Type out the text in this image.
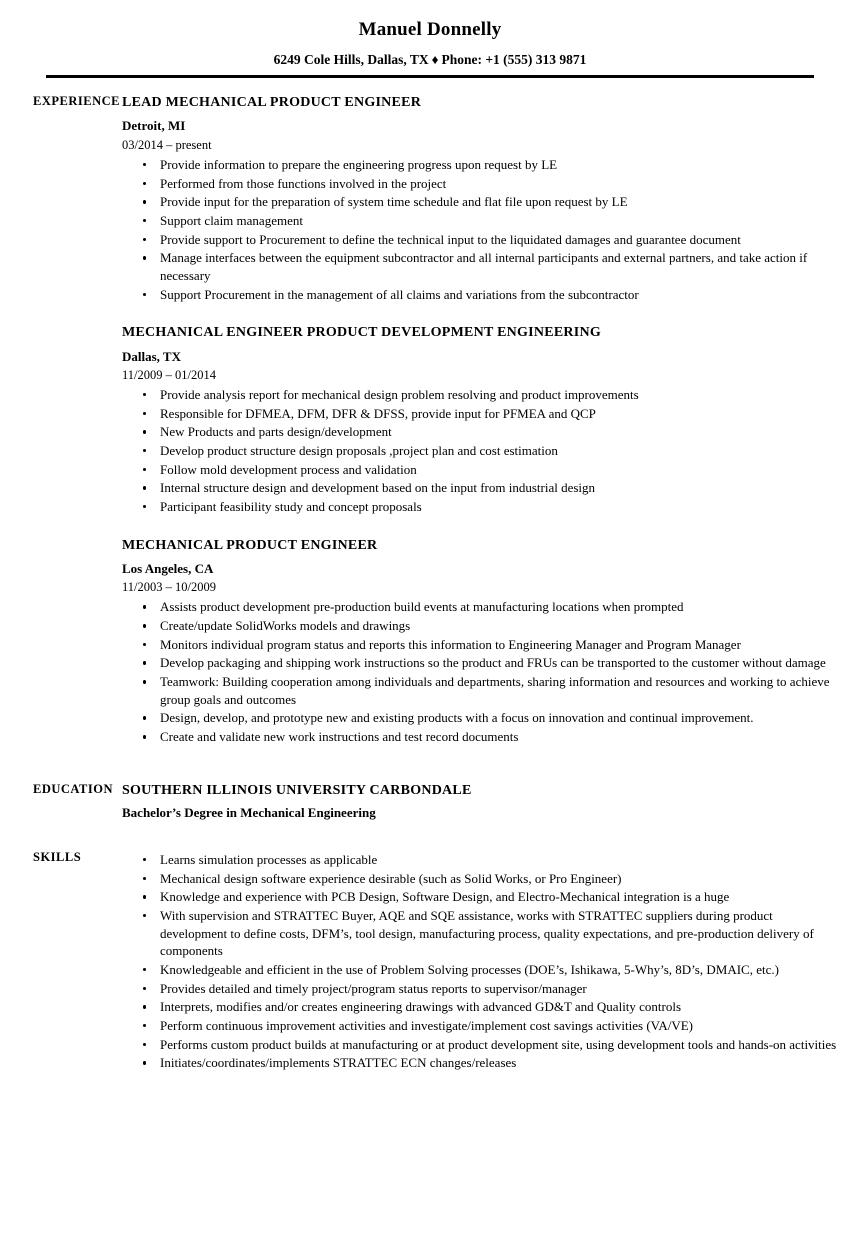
Manuel Donnelly
6249 Cole Hills, Dallas, TX ♦ Phone: +1 (555) 313 9871
EXPERIENCE LEAD MECHANICAL PRODUCT ENGINEER
Detroit, MI
03/2014 – present
Provide information to prepare the engineering progress upon request by LE
Performed from those functions involved in the project
Provide input for the preparation of system time schedule and flat file upon request by LE
Support claim management
Provide support to Procurement to define the technical input to the liquidated damages and guarantee document
Manage interfaces between the equipment subcontractor and all internal participants and external partners, and take action if necessary
Support Procurement in the management of all claims and variations from the subcontractor
MECHANICAL ENGINEER PRODUCT DEVELOPMENT ENGINEERING
Dallas, TX
11/2009 – 01/2014
Provide analysis report for mechanical design problem resolving and product improvements
Responsible for DFMEA, DFM, DFR & DFSS, provide input for PFMEA and QCP
New Products and parts design/development
Develop product structure design proposals ,project plan and cost estimation
Follow mold development process and validation
Internal structure design and development based on the input from industrial design
Participant feasibility study and concept proposals
MECHANICAL PRODUCT ENGINEER
Los Angeles, CA
11/2003 – 10/2009
Assists product development pre-production build events at manufacturing locations when prompted
Create/update SolidWorks models and drawings
Monitors individual program status and reports this information to Engineering Manager and Program Manager
Develop packaging and shipping work instructions so the product and FRUs can be transported to the customer without damage
Teamwork: Building cooperation among individuals and departments, sharing information and resources and working to achieve group goals and outcomes
Design, develop, and prototype new and existing products with a focus on innovation and continual improvement.
Create and validate new work instructions and test record documents
EDUCATION SOUTHERN ILLINOIS UNIVERSITY CARBONDALE
Bachelor’s Degree in Mechanical Engineering
SKILLS	Learns simulation processes as applicable
Mechanical design software experience desirable (such as Solid Works, or Pro Engineer)
Knowledge and experience with PCB Design, Software Design, and Electro-Mechanical integration is a huge
With supervision and STRATTEC Buyer, AQE and SQE assistance, works with STRATTEC suppliers during product development to define costs, DFM’s, tool design, manufacturing process, quality expectations, and pre-production delivery of components
Knowledgeable and efficient in the use of Problem Solving processes (DOE’s, Ishikawa, 5-Why’s, 8D’s, DMAIC, etc.)
Provides detailed and timely project/program status reports to supervisor/manager
Interprets, modifies and/or creates engineering drawings with advanced GD&T and Quality controls
Perform continuous improvement activities and investigate/implement cost savings activities (VA/VE)
Performs custom product builds at manufacturing or at product development site, using development tools and hands-on activities
Initiates/coordinates/implements STRATTEC ECN changes/releases
